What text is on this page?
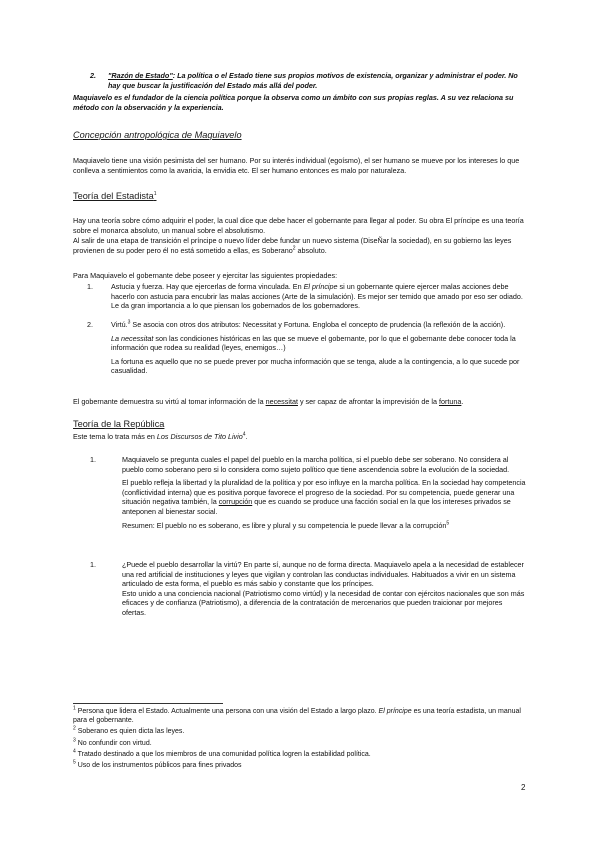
2. "Razón de Estado": La política o el Estado tiene sus propios motivos de existencia, organizar y administrar el poder. No hay que buscar la justificación del Estado más allá del poder.

Maquiavelo es el fundador de la ciencia política porque la observa como un ámbito con sus propias reglas. A su vez relaciona su método con la observación y la experiencia.

Concepción antropológica de Maquiavelo

Maquiavelo tiene una visión pesimista del ser humano. Por su interés individual (egoísmo), el ser humano se mueve por los intereses lo que conlleva a sentimientos como la avaricia, la envidia etc. El ser humano entonces es malo por naturaleza.

Teoría del Estadista$^1$

Hay una teoría sobre cómo adquirir el poder, la cual dice que debe hacer el gobernante para llegar al poder. Su obra El príncipe es una teoría sobre el monarca absoluto, un manual sobre el absolutismo.

Al salir de una etapa de transición el príncipe o nuevo líder debe fundar un nuevo sistema (DiseÑar la sociedad), en su gobierno las leyes provienen de su poder pero él no está sometido a ellas, es Soberano$^2$ absoluto.

Para Maquiavelo el gobernante debe poseer y ejercitar las siguientes propiedades:

1.	Astucia y fuerza. Hay que ejercerlas de forma vinculada. En El príncipe si un gobernante quiere ejercer malas acciones debe hacerlo con astucia para encubrir las malas acciones (Arte de la simulación). Es mejor ser temido que amado por eso ser odiado. Le da gran importancia a lo que piensan los gobernados de los gobernadores.
2.	Virtú.$^3$ Se asocia con otros dos atributos: Necessitat y Fortuna. Engloba el concepto de prudencia (la reflexión de la acción).

La necessitat son las condiciones históricas en las que se mueve el gobernante, por lo que el gobernante debe conocer toda la información que rodea su realidad (leyes, enemigos…)

La fortuna es aquello que no se puede prever por mucha información que se tenga, alude a la contingencia, a lo que sucede por casualidad.

El gobernante demuestra su virtú al tomar información de la necessitat y ser capaz de afrontar la imprevisión de la fortuna.

Teoría de la República

Este tema lo trata más en Los Discursos de Tito Livio$^4$.

1.	Maquiavelo se pregunta cuales el papel del pueblo en la marcha política, si el pueblo debe ser soberano. No considera al pueblo como soberano pero si lo considera como sujeto político que tiene ascendencia sobre la evolución de la sociedad.

El pueblo refleja la libertad y la pluralidad de la política y por eso influye en la marcha política. En la sociedad hay competencia (conflictividad interna) que es positiva porque favorece el progreso de la sociedad. Por su competencia, puede generar una situación negativa también, la corrupción que es cuando se produce una facción social en la que los intereses privados se anteponen al bienestar social.

Resumen: El pueblo no es soberano, es libre y plural y su competencia le puede llevar a la corrupción$^5$

1.	¿Puede el pueblo desarrollar la virtú? En parte sí, aunque no de forma directa. Maquiavelo apela a la necesidad de establecer una red artificial de instituciones y leyes que vigilan y controlan las conductas individuales. Habituados a vivir en un sistema articulado de esta forma, el pueblo es más sabio y constante que los príncipes.

Esto unido a una conciencia nacional (Patriotismo como virtúd) y la necesidad de contar con ejércitos nacionales que son más eficaces y de confianza (Patriotismo), a diferencia de la contratación de mercenarios que pueden traicionar por mejores ofertas.

$^1$ Persona que lidera el Estado. Actualmente una persona con una visión del Estado a largo plazo. El príncipe es una teoría estadista, un manual para el gobernante.
$^2$ Soberano es quien dicta las leyes.
$^3$ No confundir con virtud.
$^4$ Tratado destinado a que los miembros de una comunidad política logren la estabilidad política.
$^5$ Uso de los instrumentos públicos para fines privados
2
